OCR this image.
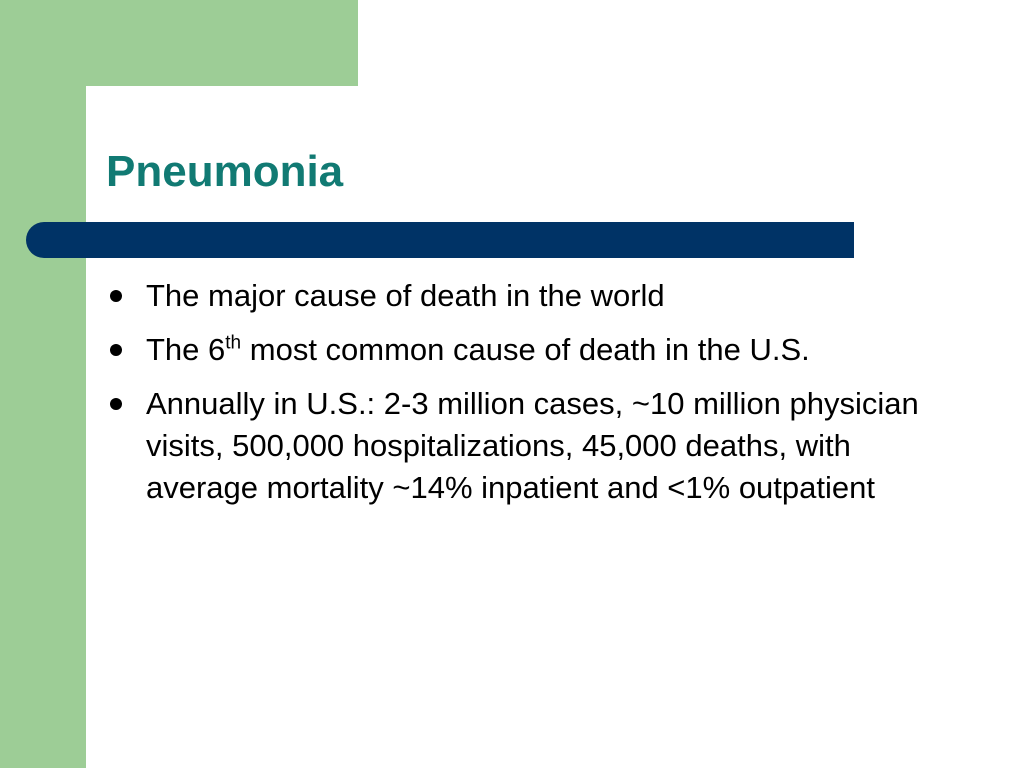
Pneumonia
The major cause of death in the world
The 6th most common cause of death in the U.S.
Annually in U.S.: 2-3 million cases, ~10 million physician visits, 500,000 hospitalizations, 45,000 deaths, with average mortality ~14% inpatient and <1% outpatient
